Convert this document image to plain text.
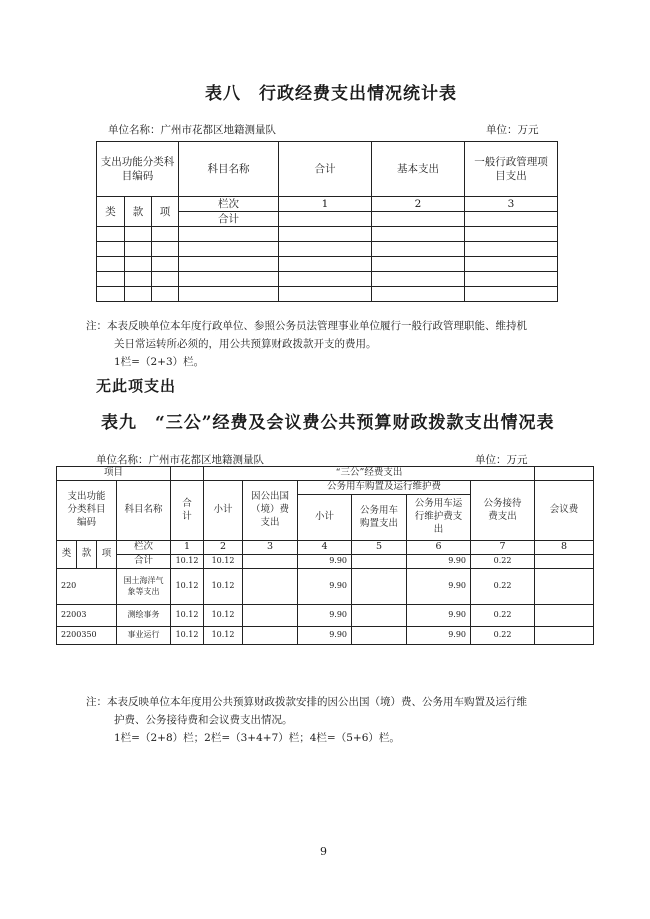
表八　行政经费支出情况统计表
单位名称：广州市花都区地籍测量队	单位：万元
支出功能分类科目编码			科目名称	合计	基本支出	一般行政管理项目支出
类	款	项	栏次	1	2	3
			合计			

注：本表反映单位本年度行政单位、参照公务员法管理事业单位履行一般行政管理职能、维持机
关日常运转所必须的，用公共预算财政拨款开支的费用。
1栏=（2+3）栏。
无此项支出
表九　“三公”经费及会议费公共预算财政拨款支出情况表
单位名称：广州市花都区地籍测量队	单位：万元
项目					“三公”经费支出						
支出功能分类科目编码			科目名称	合计	小计	因公出国（境）费支出	公务用车购置及运行维护费			公务接待费支出	会议费
							小计	公务用车购置支出	公务用车运行维护费支出		
类	款	项	栏次	1	2	3	4	5	6	7	8
			合计	10.12	10.12		9.90		9.90	0.22	
220			国土海洋气象等支出	10.12	10.12		9.90		9.90	0.22	
22003			测绘事务	10.12	10.12		9.90		9.90	0.22	
2200350			事业运行	10.12	10.12		9.90		9.90	0.22	
注：本表反映单位本年度用公共预算财政拨款安排的因公出国（境）费、公务用车购置及运行维
护费、公务接待费和会议费支出情况。
1栏=（2+8）栏；2栏=（3+4+7）栏；4栏=（5+6）栏。
9
